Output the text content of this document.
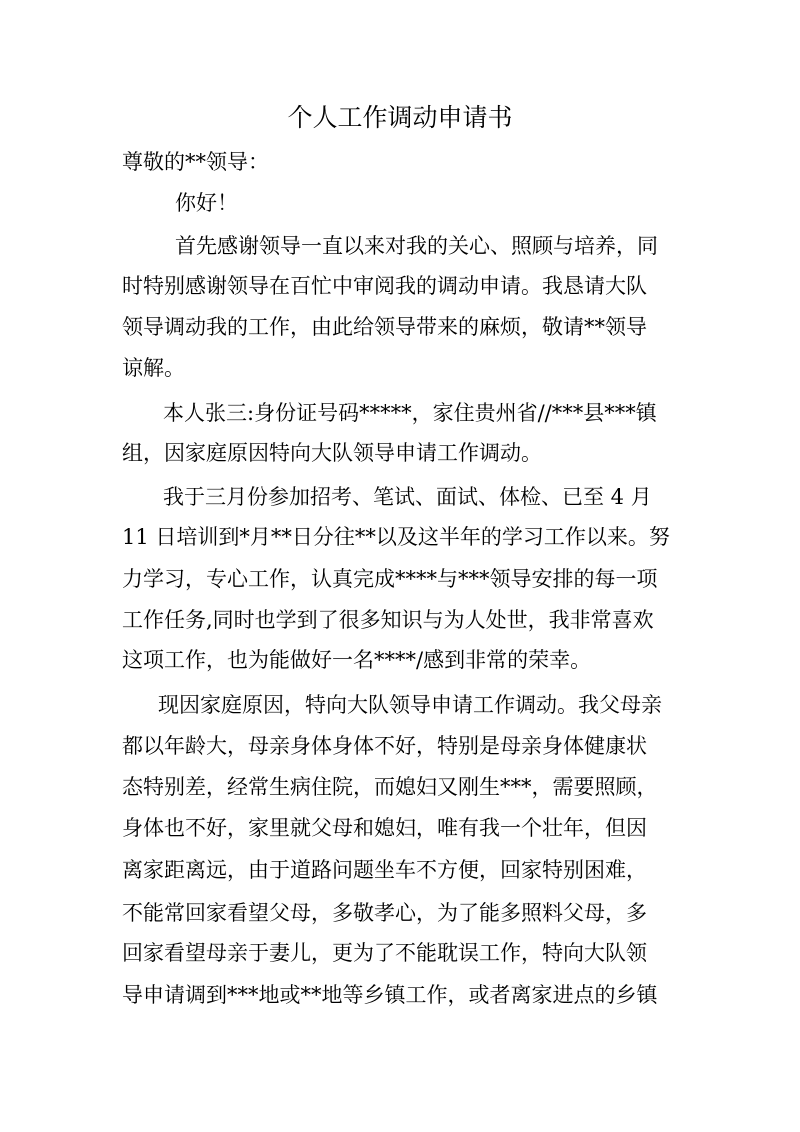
个人工作调动申请书
尊敬的**领导：
你好！
首先感谢领导一直以来对我的关心、照顾与培养，同
时特别感谢领导在百忙中审阅我的调动申请。我恳请大队
领导调动我的工作，由此给领导带来的麻烦，敬请**领导
谅解。
本人张三:身份证号码*****，家住贵州省//***县***镇
组，因家庭原因特向大队领导申请工作调动。
我于三月份参加招考、笔试、面试、体检、已至 4 月
11 日培训到*月**日分往**以及这半年的学习工作以来。努
力学习，专心工作，认真完成****与***领导安排的每一项
工作任务,同时也学到了很多知识与为人处世，我非常喜欢
这项工作，也为能做好一名****/感到非常的荣幸。
现因家庭原因，特向大队领导申请工作调动。我父母亲
都以年龄大，母亲身体身体不好，特别是母亲身体健康状
态特别差，经常生病住院，而媳妇又刚生***，需要照顾，
身体也不好，家里就父母和媳妇，唯有我一个壮年，但因
离家距离远，由于道路问题坐车不方便，回家特别困难，
不能常回家看望父母，多敬孝心，为了能多照料父母，多
回家看望母亲于妻儿，更为了不能耽误工作，特向大队领
导申请调到***地或**地等乡镇工作，或者离家进点的乡镇
